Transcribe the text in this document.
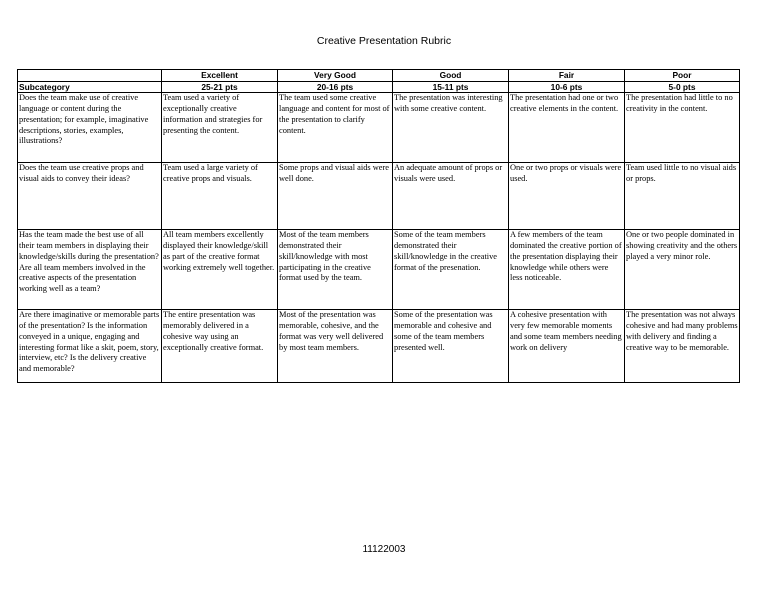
Creative Presentation Rubric
	Excellent	Very Good	Good	Fair	Poor
Subcategory	25-21 pts	20-16 pts	15-11 pts	10-6 pts	5-0 pts
Does the team make use of creative language or content during the presentation; for example, imaginative descriptions, stories, examples, illustrations?	Team used a variety of exceptionally creative information and strategies for presenting the content.	The team used some creative language and content for most of the presentation to clarify content.	The presentation was interesting with some creative content.	The presentation had one or two creative elements in the content.	The presentation had little to no creativity in the content.
Does the team use creative props and visual aids to convey their ideas?	Team used a large variety of creative props and visuals.	Some props and visual aids were well done.	An adequate amount of props or visuals were used.	One or two props or visuals were used.	Team used little to no visual aids or props.
Has the team made the best use of all their team members in displaying their knowledge/skills during the presentation? Are all team members involved in the creative aspects of the presentation working well as a team?	All team members excellently displayed their knowledge/skill as part of the creative format working extremely well together.	Most of the team members demonstrated their skill/knowledge with most participating in the creative format used by the team.	Some of the team members demonstrated their skill/knowledge in the creative format of the presenation.	A few members of the team dominated the creative portion of the presentation displaying their knowledge while others were less noticeable.	One or two people dominated in showing creativity and the others played a very minor role.
Are there imaginative or memorable parts of the presentation? Is the information conveyed in a unique, engaging and interesting format like a skit, poem, story, interview, etc? Is the delivery creative and memorable?	The entire presentation was memorably delivered in a cohesive way using an exceptionally creative format.	Most of the presentation was memorable, cohesive, and the format was very well delivered by most team members.	Some of the presentation was memorable and cohesive and some of the team members presented well.	A cohesive presentation with very few memorable moments and some team members needing work on delivery	The presentation was not always cohesive and had many problems with delivery and finding a creative way to be memorable.
11122003
